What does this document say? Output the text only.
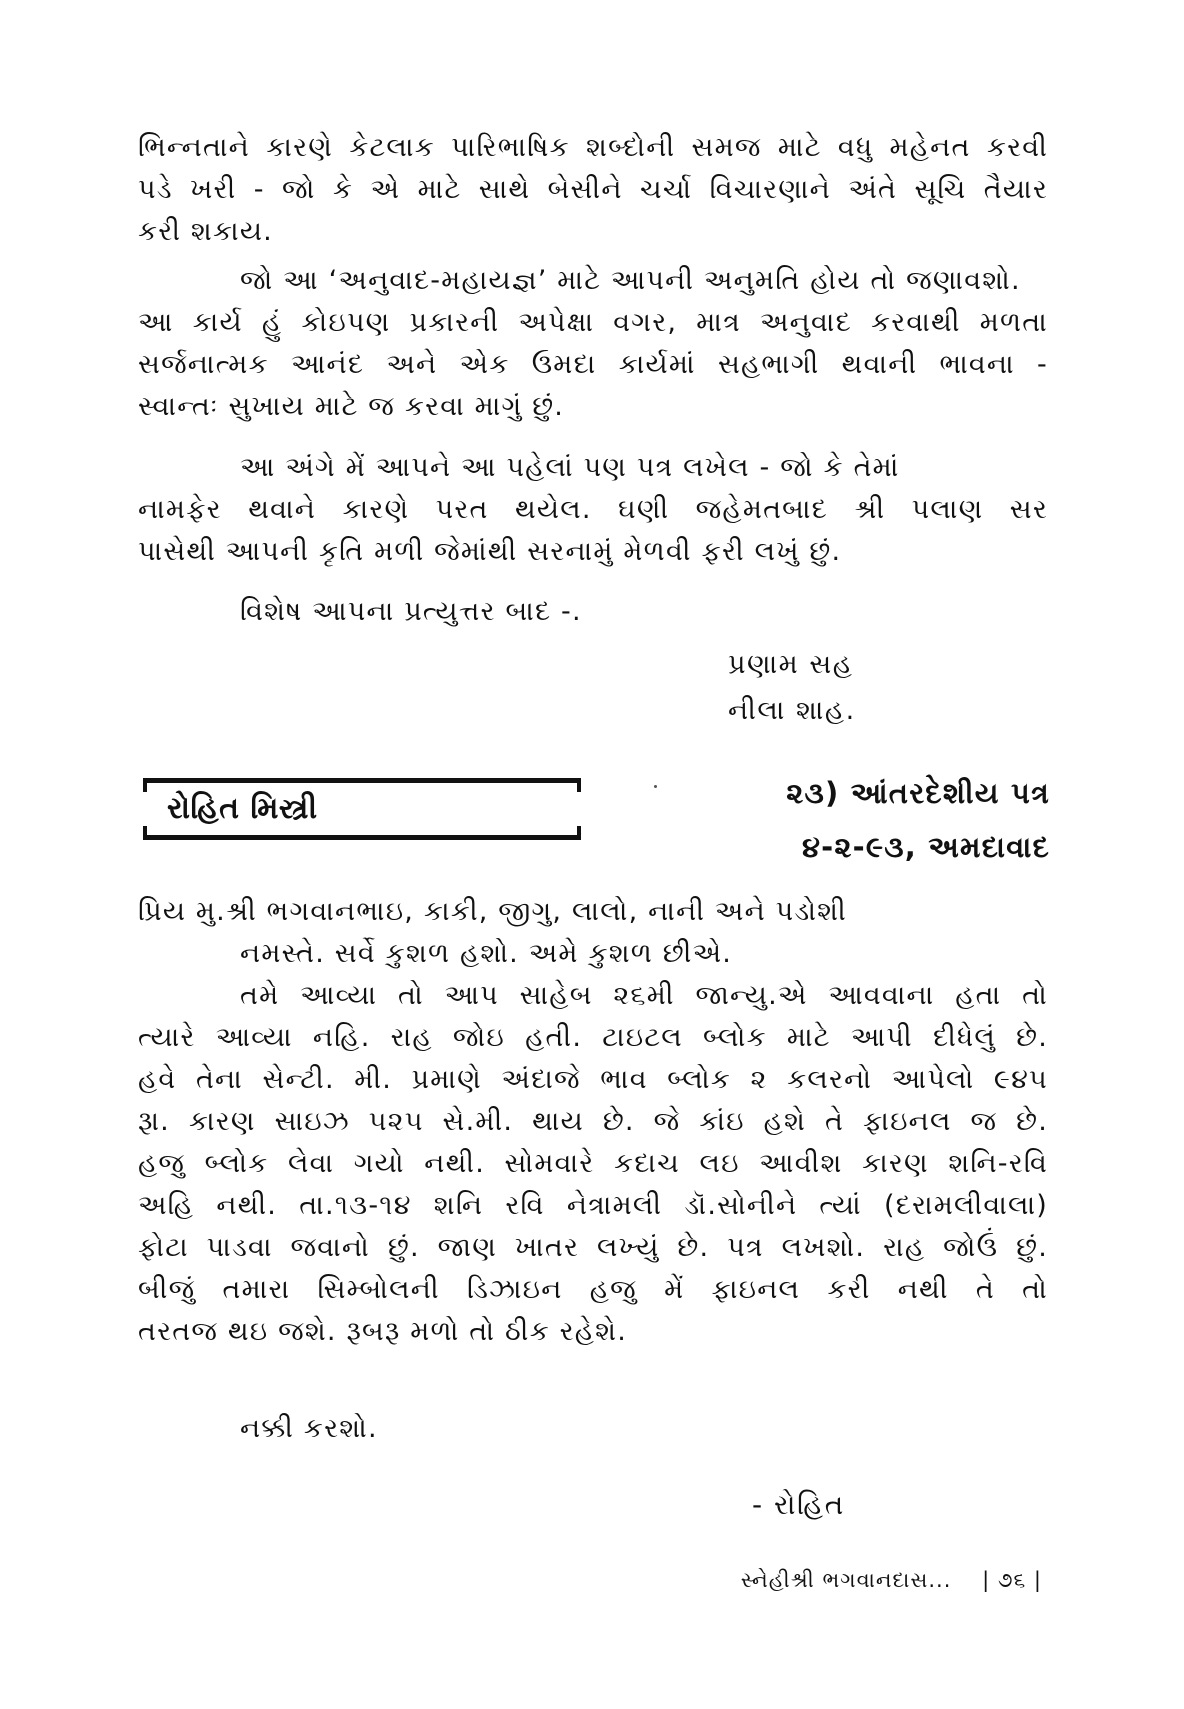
ભિન્નતાને કારણે કેટલાક પારિભાષિક શબ્દોની સમજ માટે વધુ મહેનત કરવી
પડે ખરી - જો કે એ માટે સાથે બેસીને ચર્ચા વિચારણાને અંતે સૂચિ તૈયાર
કરી શકાય.
જો આ ‘અનુવાદ-મહાયજ્ઞ’ માટે આપની અનુમતિ હોય તો જણાવશો.
આ કાર્ય હું કોઇપણ પ્રકારની અપેક્ષા વગર, માત્ર અનુવાદ કરવાથી મળતા
સર્જનાત્મક આનંદ અને એક ઉમદા કાર્યમાં સહભાગી થવાની ભાવના -
સ્વાન્તઃ સુખાય માટે જ કરવા માગું છું.
આ અંગે મેં આપને આ પહેલાં પણ પત્ર લખેલ - જો કે તેમાં
નામફેર થવાને કારણે પરત થયેલ. ઘણી જહેમતબાદ શ્રી પલાણ સર
પાસેથી આપની કૃતિ મળી જેમાંથી સરનામું મેળવી ફરી લખું છું.
વિશેષ આપના પ્રત્યુત્તર બાદ -.
પ્રણામ સહ
નીલા શાહ.
રોહિત મિસ્ત્રી	૨૩) આંતરદેશીય પત્ર
૪-૨-૯૩, અમદાવાદ
પ્રિય મુ.શ્રી ભગવાનભાઇ, કાકી, જીગુ, લાલો, નાની અને પડોશી
નમસ્તે. સર્વે કુશળ હશો. અમે કુશળ છીએ.
તમે આવ્યા તો આપ સાહેબ ૨૬મી જાન્યુ.એ આવવાના હતા તો
ત્યારે આવ્યા નહિ. રાહ જોઇ હતી. ટાઇટલ બ્લોક માટે આપી દીધેલું છે.
હવે તેના સેન્ટી. મી. પ્રમાણે અંદાજે ભાવ બ્લોક ૨ કલરનો આપેલો ૯૪૫
રૂા. કારણ સાઇઝ ૫૨૫ સે.મી. થાય છે. જે કાંઇ હશે તે ફાઇનલ જ છે.
હજુ બ્લોક લેવા ગયો નથી. સોમવારે કદાચ લઇ આવીશ કારણ શનિ-રવિ
અહિ નથી. તા.૧૩-૧૪ શનિ રવિ નેત્રામલી ડૉ.સોનીને ત્યાં (દરામલીવાલા)
ફોટા પાડવા જવાનો છું. જાણ ખાતર લખ્યું છે. પત્ર લખશો. રાહ જોઉં છું.
બીજું તમારા સિમ્બોલની ડિઝાઇન હજુ મેં ફાઇનલ કરી નથી તે તો
તરતજ થઇ જશે. રૂબરૂ મળો તો ઠીક રહેશે.
નક્કી કરશો.
- રોહિત
સ્નેહીશ્રી ભગવાનદાસ... | ૭૬ |
